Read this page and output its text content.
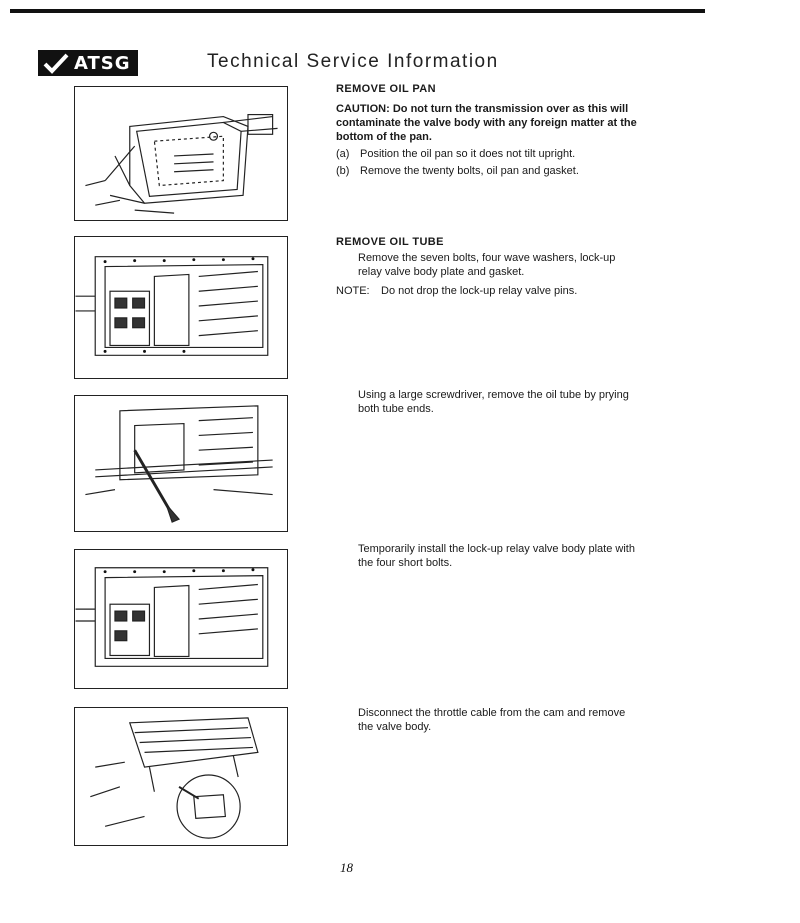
ATSG	Technical Service Information
REMOVE OIL PAN
CAUTION: Do not turn the transmission over as this will contaminate the valve body with any foreign matter at the bottom of the pan.
(a) Position the oil pan so it does not tilt upright.
(b) Remove the twenty bolts, oil pan and gasket.
REMOVE OIL TUBE
Remove the seven bolts, four wave washers, lock-up relay valve body plate and gasket.
NOTE:	Do not drop the lock-up relay valve pins.
Using a large screwdriver, remove the oil tube by prying both tube ends.
Temporarily install the lock-up relay valve body plate with the four short bolts.
Disconnect the throttle cable from the cam and remove the valve body.
18
